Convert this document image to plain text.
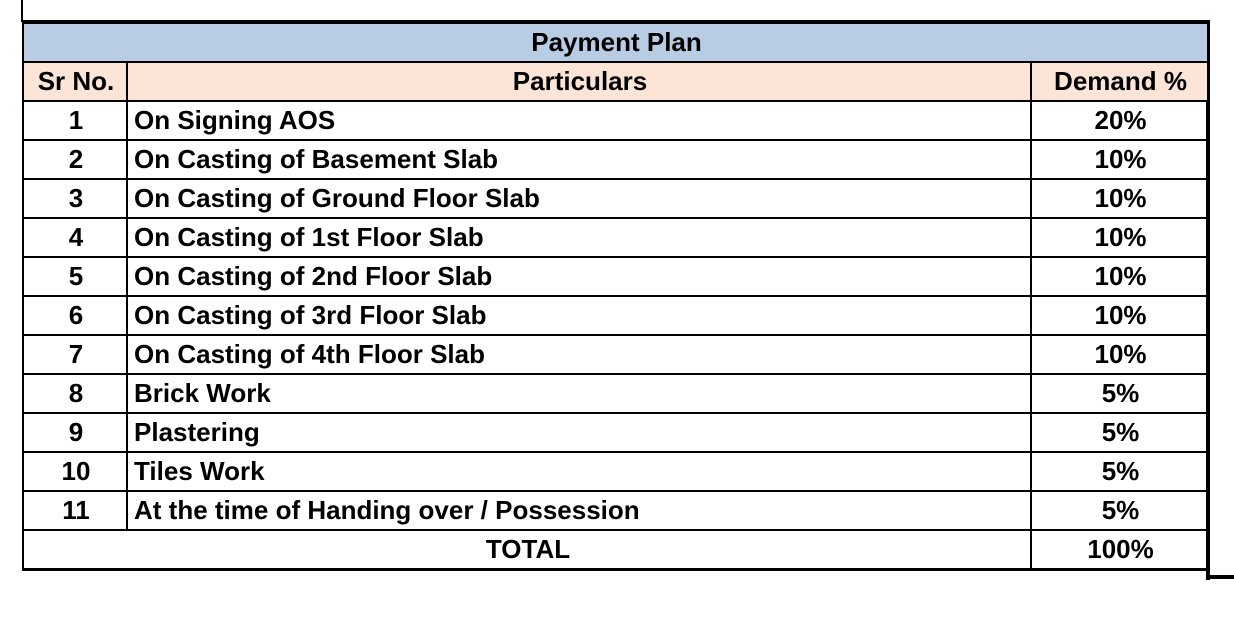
Payment Plan		
Sr No.	Particulars	Demand %
1	On Signing AOS	20%
2	On Casting of Basement Slab	10%
3	On Casting of Ground Floor Slab	10%
4	On Casting of 1st Floor Slab	10%
5	On Casting of 2nd Floor Slab	10%
6	On Casting of 3rd Floor Slab	10%
7	On Casting of 4th Floor Slab	10%
8	Brick Work	5%
9	Plastering	5%
10	Tiles Work	5%
11	At the time of Handing over / Possession	5%
TOTAL		100%
